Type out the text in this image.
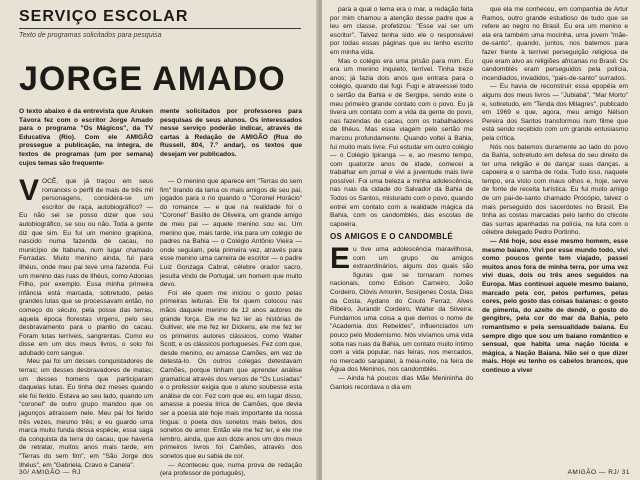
SERVIÇO ESCOLAR
Texto de programas solicitados para pesquisa
JORGE AMADO
O texto abaixo é da entrevista que Aruken Távora fez com o escritor Jorge Amado para o programa "Os Mágicos", da TV Educativa (Rio). Com ele AMIGÃO prossegue a publicação, na íntegra, de textos de programas (um por semana) cujos temas são frequente-
mente solicitados por professores para pesquisas de seus alunos. Os interessados nesse serviço poderão indicar, através de cartas à Redação de AMIGÃO (Rua do Russell, 804, 7.º andar), os textos que desejam ver publicados.
V OCÊ, que já traçou em seus romances o perfil de mais de três mil personagens, considera-se um escritor de raça, autobiográfico? — Eu não sei se posso dizer que sou autobiográfico, se sou ou não. Toda a gente diz que sim. Eu fui um menino grapiúna, nascido numa fazenda de cacau, no município de Itabuna, num lugar chamado Ferradas. Muito menino ainda, fui para Ilhéus, onde meu pai teve uma fazenda. Fui um menino das ruas de Ilhéus, como Adonias Filho, por exemplo. Essa minha primeira infância está marcada, sobretudo, pelas grandes lutas que se processavam então, no começo do século, pela posse das terras, aquela época florestas virgens, pelo seu desbravamento para o plantio do cacau. Foram lutas terríveis, sangrentas. Como eu disse em um dos meus livros, o solo foi adubado com sangue.

Meu pai foi um desses conquistadores de terras; um desses desbravadores de matas; um desses homens que participaram daquelas lutas. Eu tinha dez meses quando ele foi ferido. Estava ao seu lado, quando um "coronel" de outro grupo mandou que os jagunços atirassem nele. Meu pai foi ferido três vezes, mesmo três; e eu guardo uma marca muito funda dessa espécie, essa saga da conquista da terra do cacau, que haveria de retratar, muitos anos mais tarde, em "Terras do sem fim", em "São Jorge dos Ilhéus", em "Gabriela, Cravo e Canela".

— O menino que aparece em "Terras do sem fim" tirando da lama os mais amigos de seu pai, jogados para o rio quando o "Coronel Horácio" do romance — e que na realidade foi o "Coronel" Basílio de Oliveira, um grande amigo de meu pai — aquele menino sou eu. Um menino que, mais tarde, iria para um colégio de padres na Bahia — o Colégio Antônio Vieira — onde seguiam, pela primeira vez, através para esse menino uma carreira de escritor — o padre Luiz Gonzaga Cabral, célebre orador sacro, jesuíta vindo de Portugal, um homem que muito devo.

Foi ele quem me iniciou o gosto pelas primeiras leituras. Ele foi quem colocou nas mãos daquele menino de 12 anos autores de grande força. Ele me fez ler as histórias de Gulliver, ele me fez ler Dickens, ele me fez ler os primeiros autores clássicos, como Walter Scott, e os clássicos portugueses. Fez com que, desde menino, eu amasse Camões, em vez de detestá-lo. Os outros colegas detestavam Camões, porque tinham que aprender análise gramatical através dos versos de "Os Lusíadas" e o professor exigia que o aluno soubesse esta análise de cor. Fez com que eu, em lugar disso, amasse a poesia lírica de Camões, que devia ser a poesia até hoje mais importante da nossa língua: o poeta dos sonetos mais belos, dos sonetos de amor. Então ele me fez ler, e ele me lembro, ainda, que aos doze anos um dos meus primeiros livros foi Camões, através dos sonetos que eu sabia de cor.

— Aconteceu que, numa prova de redação (era professor de português),

30/ AMIGÃO — RJ

para a qual o tema era o mar, a redação feita por mim chamou a atenção desse padre que a leu em classe, profetizou: "Esse vai ser um escritor". Talvez tenha sido ele o responsável por todas essas páginas que eu tenho escrito em minha vida.

Mas o colégio era uma prisão para mim. Eu era um menino inquieto, terrível. Tinha treze anos; já fazia dois anos que entrara para o colégio, quando daí fugi. Fugi e atravessei todo o sertão da Bahia e de Sergipe, sendo este o meu primeiro grande contato com o povo. Eu já tivera um contato com a vida da gente do povo, nas fazendas de cacau, com os trabalhadores de Ilhéus. Mas essa viagem pelo sertão me marcou profundamente. Quando voltei à Bahia, fui muito mais livre. Fui estudar em outro colégio — o Colégio Ipiranga — e, ao mesmo tempo, com quatorze anos de idade, comecei a trabalhar em jornal e vivi a juventude mais livre possível. Foi uma beleza a minha adolescência, nas ruas da cidade do Salvador da Bahia de Todos os Santos, misturado com o povo, quando entrei em contato com a realidade mágica da Bahia, com os candomblés, das escolas de capoeira.

OS AMIGOS E O CANDOMBLÉ
E u tive uma adolescência maravilhosa, com um grupo de amigos extraordinários, alguns dos quais são figuras que se tornaram nomes nacionais, como Edison Carneiro, João Cordeiro, Clóvis Amorim, Sosígenes Costa, Dias da Costa, Aydano do Couto Ferraz, Alves Ribeiro, Jurandir Cordeiro, Walter da Silveira. Fundamos uma coisa a que demos o nome de "Academia dos Rebeldes", influenciados um pouco pelo Modernismo. Nós vivíamos uma vida solta nas ruas da Bahia, um contato muito íntimo com a vida popular, nas feiras, nos mercados, no mercado sarapatel, à meia-noite, na feira de Água dos Meninos, nos candomblés.

— Ainda há poucos dias Mãe Menininha do Gantois recordava o dia em

que ela me conheceu, em companhia de Artur Ramos, outro grande estudioso de tudo que se refere ao negro no Brasil. Eu era um menino e ela era também uma mocinha, uma jovem "mãe-de-santo", quando, juntos, nos batemos para fazer frente à terrível perseguição religiosa de que eram alvo as religiões africanas no Brasil. Os candomblés eram perseguidos pela polícia, incendiados, invadidos, "pais-de-santo" surrados.

— Eu havia de reconstruir essa epopéia em alguns dos meus livros — "Jubiabá", "Mar Morto" e, sobretudo, em "Tenda dos Milagres", publicado em 1969 e que, agora, meu amigo Nélson Pereira dos Santos transformou num filme que está sendo recebido com um grande entusiasmo pela crítica.

Nós nos batemos duramente ao lado do povo da Bahia, sobretudo em defesa do seu direito de ter uma religião e de dançar suas danças, a capoeira e o samba de roda. Tudo isso, naquele tempo, era visto com maus olhos e, hoje, serve de fonte de receita turística. Eu fui muito amigo de um pai-de-santo chamado Procópio, talvez o mais perseguido dos sacerdotes no Brasil. Ele tinha as costas marcadas pelo lanho do chicote das surras apanhadas na polícia, na luta com o célebre delegado Pedro Portinho.

— Até hoje, sou esse mesmo homem, esse mesmo baiano. Vivi por esse mundo todo, vivi como poucos gente tem viajado, passei muitos anos fora de minha terra, por uma vez vivi duas, dois ou três anos seguidos na Europa. Mas continuei aquele mesmo baiano, marcado pela cor, pelos perfumes, pelas cores, pelo gosto das coisas baianas: o gosto de pimenta, do azeite de dendê, o gosto do gengibre, pela cor do mar da Bahia, pelo romantismo e pela sensualidade baiana. Eu sempre digo que sou um baiano romântico e sensual, que habita uma nação lúcida e mágica, a Nação Baiana. Não sei o que dizer mais. Hoje eu tenho os cabelos brancos, que continuo a viver

AMIGÃO — RJ/ 31
